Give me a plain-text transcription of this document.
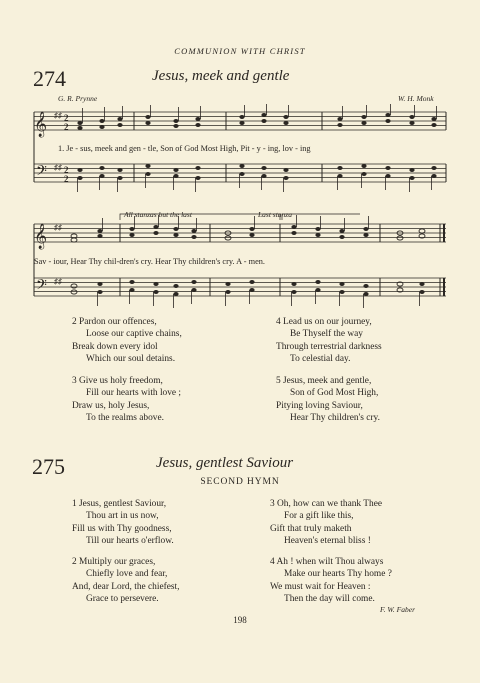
COMMUNION WITH CHRIST
274	Jesus, meek and gentle
G. R. Prynne	W. H. Monk
𝄞
𝄢
♯♯
♯♯
2
2
2
2
1. Je - sus, meek and gen - tle, Son of God Most High, Pit - y - ing, lov - ing
All stanzas but the last	Last stanza
𝄞
𝄢
♯♯
♯♯
Sav - iour, Hear Thy chil-dren's cry. Hear Thy children's cry. A - men.
2 Pardon our offences,
Loose our captive chains,
Break down every idol
Which our soul detains.
3 Give us holy freedom,
Fill our hearts with love ;
Draw us, holy Jesus,
To the realms above.
4 Lead us on our journey,
Be Thyself the way
Through terrestrial darkness
To celestial day.
5 Jesus, meek and gentle,
Son of God Most High,
Pitying loving Saviour,
Hear Thy children's cry.
275	Jesus, gentlest Saviour
SECOND HYMN
1 Jesus, gentlest Saviour,
Thou art in us now,
Fill us with Thy goodness,
Till our hearts o'erflow.
2 Multiply our graces,
Chiefly love and fear,
And, dear Lord, the chiefest,
Grace to persevere.
3 Oh, how can we thank Thee
For a gift like this,
Gift that truly maketh
Heaven's eternal bliss !
4 Ah ! when wilt Thou always
Make our hearts Thy home ?
We must wait for Heaven :
Then the day will come.
F. W. Faber
198
